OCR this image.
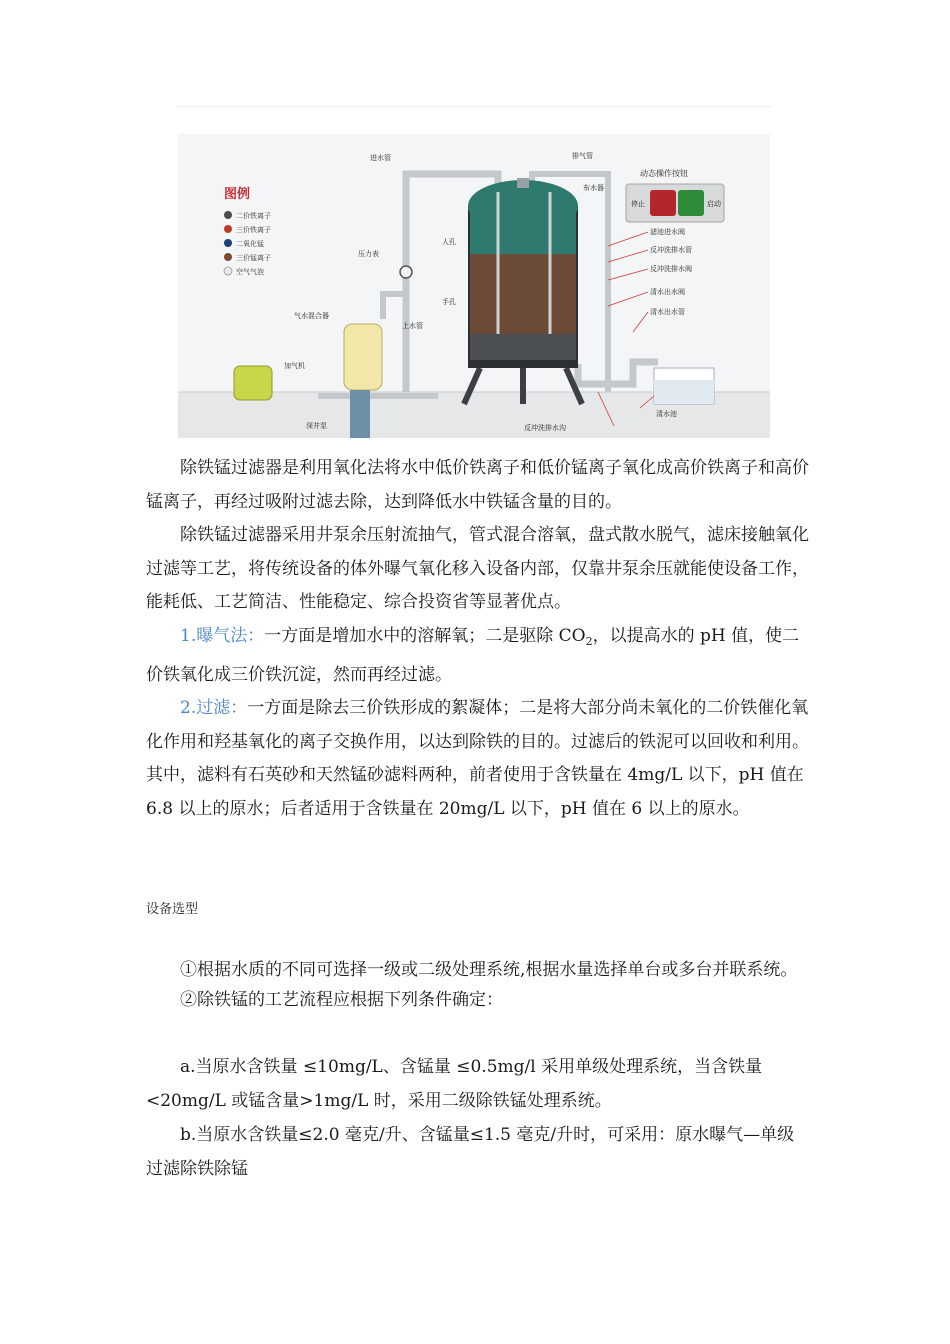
图例
二价铁离子
三价铁离子
二氧化锰
三价锰离子
空气气泡
动态操作按钮
停止	启动
进水管	排气管
布水器
人孔
手孔
压力表
气水混合器
上水管
加气机
深井泵
滤池进水阀
反冲洗排水管
反冲洗排水阀
清水出水阀
清水出水管
清水池
反冲洗排水沟

除铁锰过滤器是利用氧化法将水中低价铁离子和低价锰离子氧化成高价铁离子和高价锰离子，再经过吸附过滤去除，达到降低水中铁锰含量的目的。

除铁锰过滤器采用井泵余压射流抽气，管式混合溶氧，盘式散水脱气，滤床接触氧化过滤等工艺，将传统设备的体外曝气氧化移入设备内部，仅靠井泵余压就能使设备工作，能耗低、工艺简洁、性能稳定、综合投资省等显著优点。

1.曝气法：一方面是增加水中的溶解氧；二是驱除 $CO_2$，以提高水的 pH 值，使二价铁氧化成三价铁沉淀，然而再经过滤。

2.过滤：一方面是除去三价铁形成的絮凝体；二是将大部分尚未氧化的二价铁催化氧化作用和羟基氧化的离子交换作用，以达到除铁的目的。过滤后的铁泥可以回收和利用。其中，滤料有石英砂和天然锰砂滤料两种，前者使用于含铁量在 4mg/L 以下，pH 值在 6.8 以上的原水；后者适用于含铁量在 20mg/L 以下，pH 值在 6 以上的原水。

设备选型

①根据水质的不同可选择一级或二级处理系统,根据水量选择单台或多台并联系统。

②除铁锰的工艺流程应根据下列条件确定：

a.当原水含铁量 ≤10mg/L、含锰量 ≤0.5mg/l 采用单级处理系统，当含铁量 <20mg/L 或锰含量>1mg/L 时，采用二级除铁锰处理系统。

b.当原水含铁量≤2.0 毫克/升、含锰量≤1.5 毫克/升时，可采用：原水曝气—单级过滤除铁除锰
